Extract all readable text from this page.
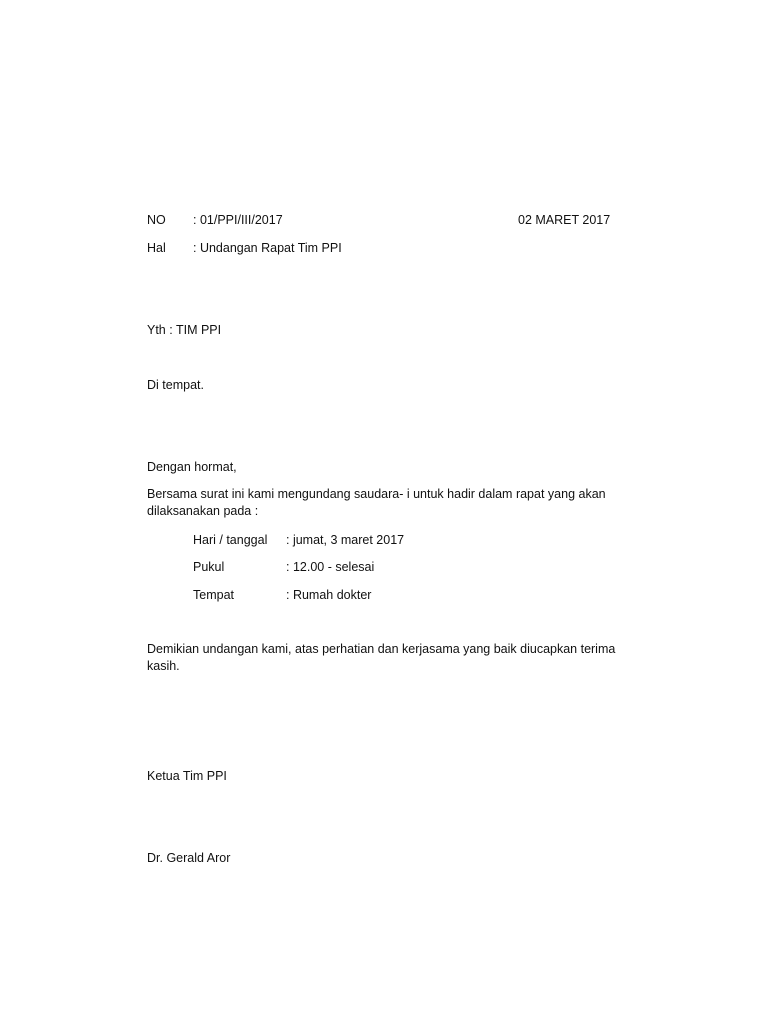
NO : 01/PPI/III/2017	02 MARET 2017
Hal : Undangan Rapat Tim PPI
Yth : TIM PPI
Di tempat.
Dengan hormat,
Bersama surat ini kami mengundang saudara- i untuk hadir dalam rapat yang akan dilaksanakan pada :
Hari / tanggal : jumat, 3 maret 2017
Pukul	: 12.00 - selesai
Tempat	: Rumah dokter
Demikian undangan kami, atas perhatian dan kerjasama yang baik diucapkan terima kasih.
Ketua Tim PPI
Dr. Gerald Aror
